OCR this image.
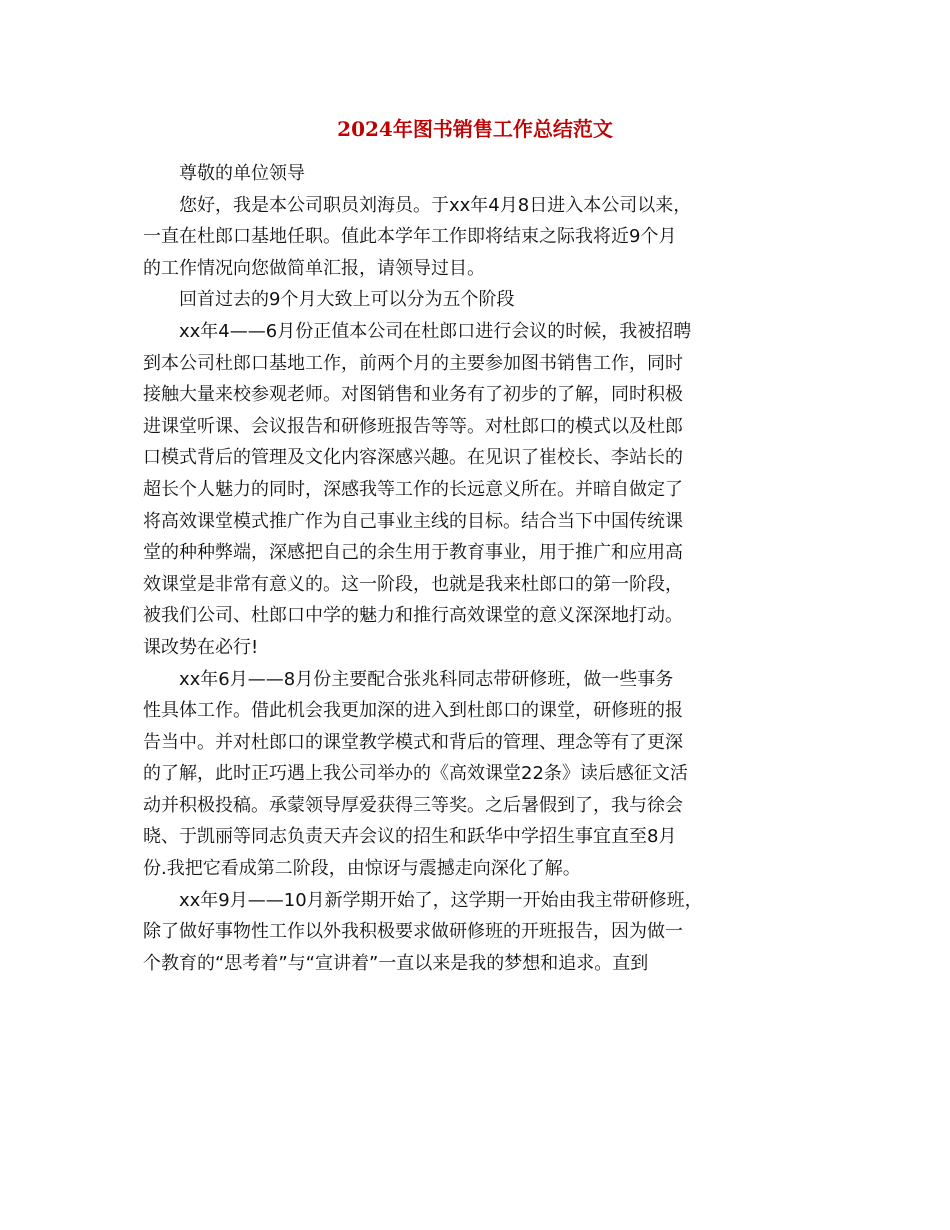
2024年图书销售工作总结范文
尊敬的单位领导
您好，我是本公司职员刘海员。于xx年4月8日进入本公司以来，
一直在杜郎口基地任职。值此本学年工作即将结束之际我将近9个月
的工作情况向您做简单汇报，请领导过目。
回首过去的9个月大致上可以分为五个阶段
xx年4——6月份正值本公司在杜郎口进行会议的时候，我被招聘
到本公司杜郎口基地工作，前两个月的主要参加图书销售工作，同时
接触大量来校参观老师。对图销售和业务有了初步的了解，同时积极
进课堂听课、会议报告和研修班报告等等。对杜郎口的模式以及杜郎
口模式背后的管理及文化内容深感兴趣。在见识了崔校长、李站长的
超长个人魅力的同时，深感我等工作的长远意义所在。并暗自做定了
将高效课堂模式推广作为自己事业主线的目标。结合当下中国传统课
堂的种种弊端，深感把自己的余生用于教育事业，用于推广和应用高
效课堂是非常有意义的。这一阶段，也就是我来杜郎口的第一阶段，
被我们公司、杜郎口中学的魅力和推行高效课堂的意义深深地打动。
课改势在必行!
xx年6月——8月份主要配合张兆科同志带研修班，做一些事务
性具体工作。借此机会我更加深的进入到杜郎口的课堂，研修班的报
告当中。并对杜郎口的课堂教学模式和背后的管理、理念等有了更深
的了解，此时正巧遇上我公司举办的《高效课堂22条》读后感征文活
动并积极投稿。承蒙领导厚爱获得三等奖。之后暑假到了，我与徐会
晓、于凯丽等同志负责天卉会议的招生和跃华中学招生事宜直至8月
份.我把它看成第二阶段，由惊讶与震撼走向深化了解。
xx年9月——10月新学期开始了，这学期一开始由我主带研修班，
除了做好事物性工作以外我积极要求做研修班的开班报告，因为做一
个教育的“思考着”与“宣讲着”一直以来是我的梦想和追求。直到
